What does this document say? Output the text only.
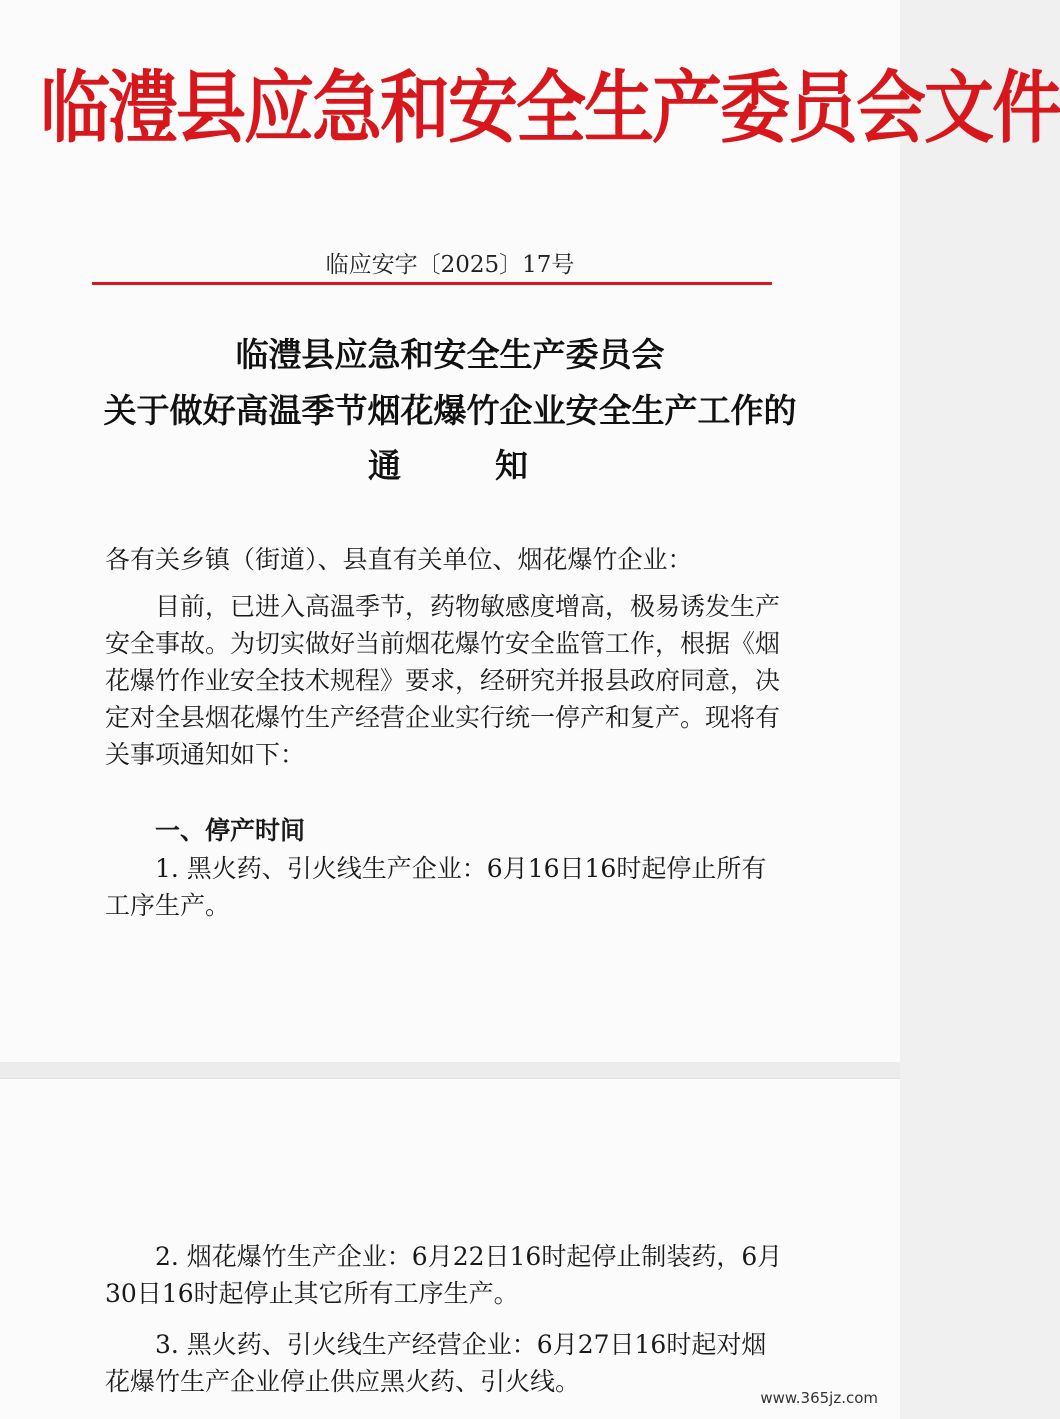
临澧县应急和安全生产委员会文件
临应安字〔2025〕17号
临澧县应急和安全生产委员会
关于做好高温季节烟花爆竹企业安全生产工作的
通	知

各有关乡镇（街道）、县直有关单位、烟花爆竹企业：

目前，已进入高温季节，药物敏感度增高，极易诱发生产安全事故。为切实做好当前烟花爆竹安全监管工作，根据《烟花爆竹作业安全技术规程》要求，经研究并报县政府同意，决定对全县烟花爆竹生产经营企业实行统一停产和复产。现将有关事项通知如下：

一、停产时间

1. 黑火药、引火线生产企业：6月16日16时起停止所有工序生产。

2. 烟花爆竹生产企业：6月22日16时起停止制装药，6月30日16时起停止其它所有工序生产。

3. 黑火药、引火线生产经营企业：6月27日16时起对烟花爆竹生产企业停止供应黑火药、引火线。

www.365jz.com
